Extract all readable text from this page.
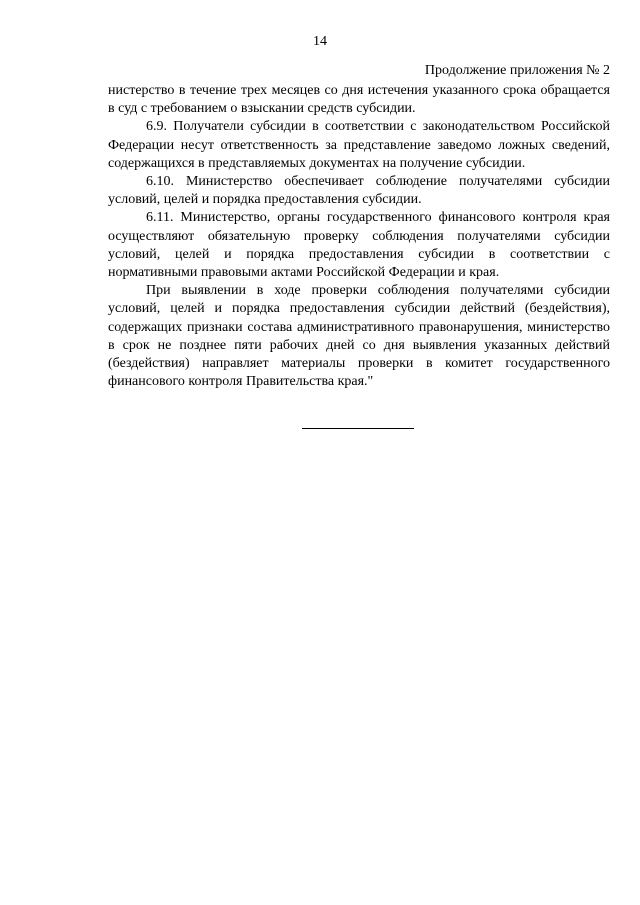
14
Продолжение приложения № 2

нистерство в течение трех месяцев со дня истечения указанного срока обращается в суд с требованием о взыскании средств субсидии.

6.9. Получатели субсидии в соответствии с законодательством Российской Федерации несут ответственность за представление заведомо ложных сведений, содержащихся в представляемых документах на получение субсидии.

6.10. Министерство обеспечивает соблюдение получателями субсидии условий, целей и порядка предоставления субсидии.

6.11. Министерство, органы государственного финансового контроля края осуществляют обязательную проверку соблюдения получателями субсидии условий, целей и порядка предоставления субсидии в соответствии с нормативными правовыми актами Российской Федерации и края.

При выявлении в ходе проверки соблюдения получателями субсидии условий, целей и порядка предоставления субсидии действий (бездействия), содержащих признаки состава административного правонарушения, министерство в срок не позднее пяти рабочих дней со дня выявления указанных действий (бездействия) направляет материалы проверки в комитет государственного финансового контроля Правительства края."
